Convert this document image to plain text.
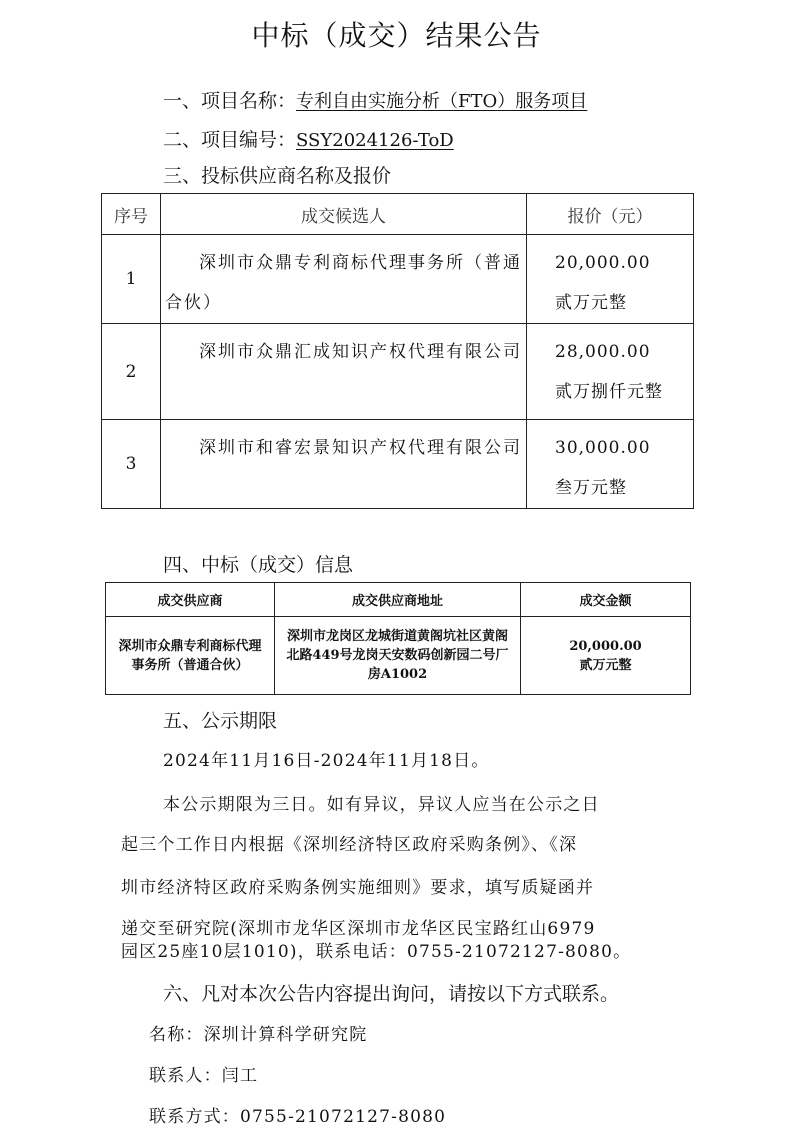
中标（成交）结果公告
一、项目名称：专利自由实施分析（FTO）服务项目
二、项目编号：SSY2024126-ToD
三、投标供应商名称及报价
序号	成交候选人	报价（元）
1	深圳市众鼎专利商标代理事务所（普通合伙）	20,000.00
贰万元整

2	深圳市众鼎汇成知识产权代理有限公司	28,000.00
贰万捌仟元整

3	深圳市和睿宏景知识产权代理有限公司	30,000.00
叁万元整
四、中标（成交）信息
成交供应商	成交供应商地址	成交金额
深圳市众鼎专利商标代理事务所（普通合伙）	深圳市龙岗区龙城街道黄阁坑社区黄阁北路449号龙岗天安数码创新园二号厂房A1002	20,000.00
贰万元整
五、公示期限
2024年11月16日-2024年11月18日。
本公示期限为三日。如有异议，异议人应当在公示之日
起三个工作日内根据《深圳经济特区政府采购条例》、《深
圳市经济特区政府采购条例实施细则》要求，填写质疑函并
递交至研究院(深圳市龙华区深圳市龙华区民宝路红山6979
园区25座10层1010)，联系电话：0755-21072127-8080。
六、凡对本次公告内容提出询问，请按以下方式联系。
名称：深圳计算科学研究院
联系人：闫工
联系方式：0755-21072127-8080
